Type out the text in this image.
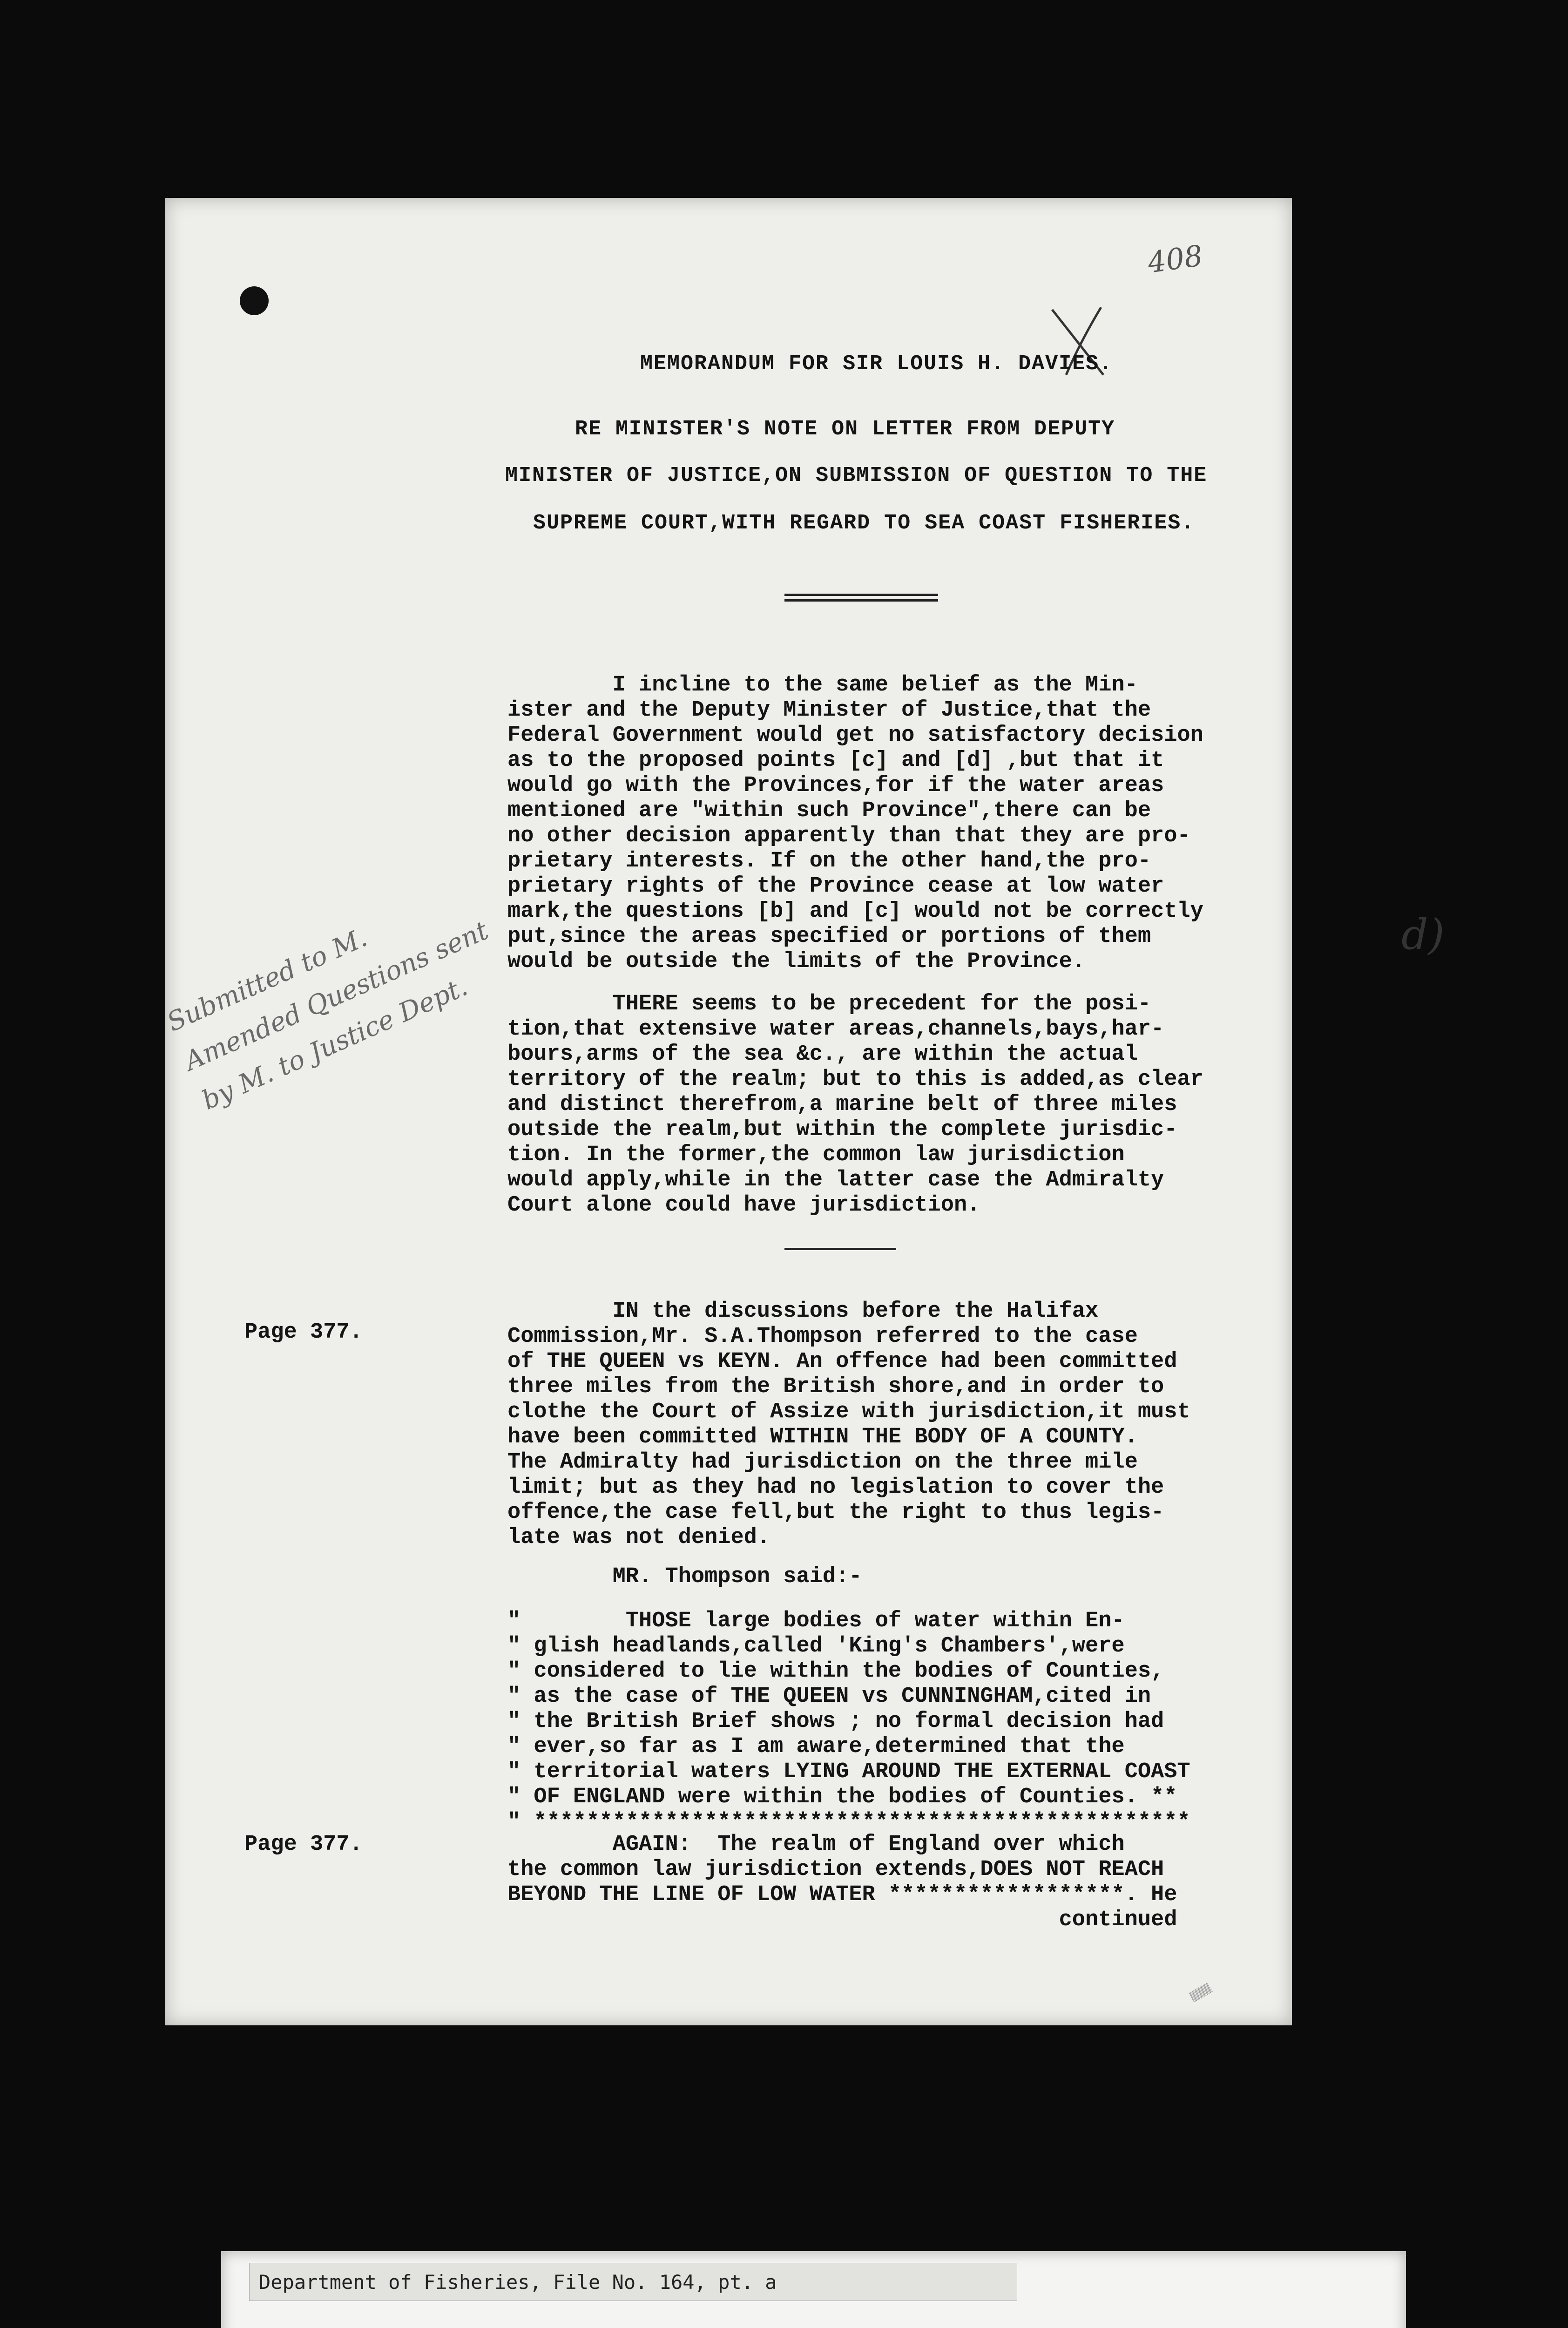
408
MEMORANDUM FOR SIR LOUIS H. DAVIES.
RE MINISTER'S NOTE ON LETTER FROM DEPUTY
MINISTER OF JUSTICE,ON SUBMISSION OF QUESTION TO THE
SUPREME COURT,WITH REGARD TO SEA COAST FISHERIES.
I incline to the same belief as the Min-
ister and the Deputy Minister of Justice,that the
Federal Government would get no satisfactory decision
as to the proposed points [c] and [d] ,but that it
would go with the Provinces,for if the water areas
mentioned are "within such Province",there can be
no other decision apparently than that they are pro-
prietary interests. If on the other hand,the pro-
prietary rights of the Province cease at low water
mark,the questions [b] and [c] would not be correctly
put,since the areas specified or portions of them
would be outside the limits of the Province.
THERE seems to be precedent for the posi-
tion,that extensive water areas,channels,bays,har-
bours,arms of the sea &c., are within the actual
territory of the realm; but to this is added,as clear
and distinct therefrom,a marine belt of three miles
outside the realm,but within the complete jurisdic-
tion. In the former,the common law jurisdiction
would apply,while in the latter case the Admiralty
Court alone could have jurisdiction.
Page 377.
IN the discussions before the Halifax
Commission,Mr. S.A.Thompson referred to the case
of THE QUEEN vs KEYN. An offence had been committed
three miles from the British shore,and in order to
clothe the Court of Assize with jurisdiction,it must
have been committed WITHIN THE BODY OF A COUNTY.
The Admiralty had jurisdiction on the three mile
limit; but as they had no legislation to cover the
offence,the case fell,but the right to thus legis-
late was not denied.
MR. Thompson said:-
"        THOSE large bodies of water within En-
" glish headlands,called 'King's Chambers',were
" considered to lie within the bodies of Counties,
" as the case of THE QUEEN vs CUNNINGHAM,cited in
" the British Brief shows ; no formal decision had
" ever,so far as I am aware,determined that the
" territorial waters LYING AROUND THE EXTERNAL COAST
" OF ENGLAND were within the bodies of Counties. **
" **************************************************
Page 377.	AGAIN:  The realm of England over which
the common law jurisdiction extends,DOES NOT REACH
BEYOND THE LINE OF LOW WATER ******************. He
continued
Submitted to M.
Amended Questions sent
by M. to Justice Dept.
d)
▒▒▒
Department of Fisheries, File No. 164, pt. a
